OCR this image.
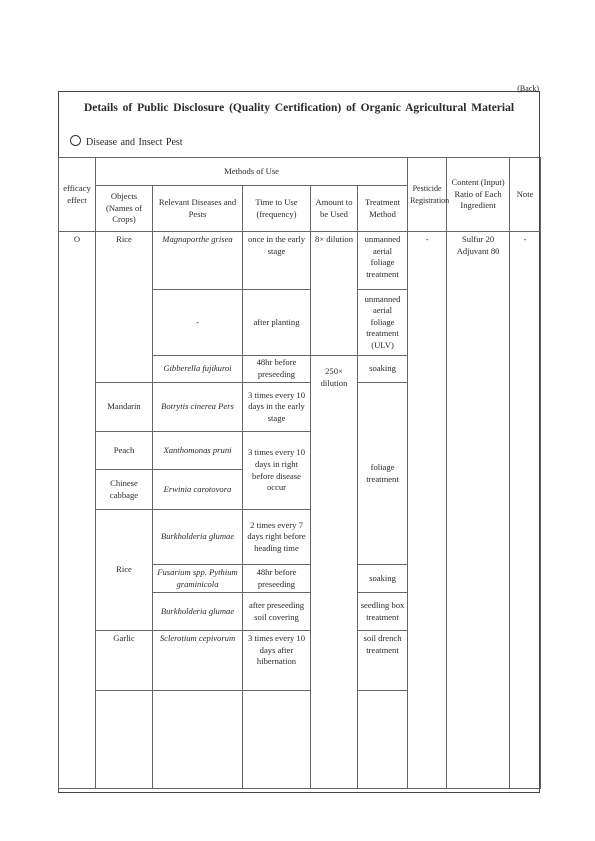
(Back)
Details of Public Disclosure (Quality Certification) of Organic Agricultural Material
Disease and Insect Pest
efficacy effect	Methods of Use					Pesticide Registration	Content (Input) Ratio of Each Ingredient	Note
	Objects (Names of Crops)	Relevant Diseases and Pests	Time to Use (frequency)	Amount to be Used	Treatment Method			
O	Rice	Magnaporthe grisea	once in the early stage	8× dilution	unmanned aerial foliage treatment	-	Sulfur 20 Adjuvant 80	-
		-	after planting		unmanned aerial foliage treatment (ULV)			
		Gibberella fujikuroi	48hr before preseeding	250× dilution	soaking			
	Mandarin	Botrytis cinerea Pers	3 times every 10 days in the early stage		foliage treatment			
	Peach	Xanthomonas pruni	3 times every 10 days in right before disease occur					
	Chinese cabbage	Erwinia carotovora						
	Rice	Burkholderia glumae	2 times every 7 days right before heading time					
		Fusarium spp. Pythium graminicola	48hr before preseeding		soaking			
		Burkholderia glumae	after preseeding soil covering		seedling box treatment			
	Garlic	Sclerotium cepivorum	3 times every 10 days after hibernation		soil drench treatment			
